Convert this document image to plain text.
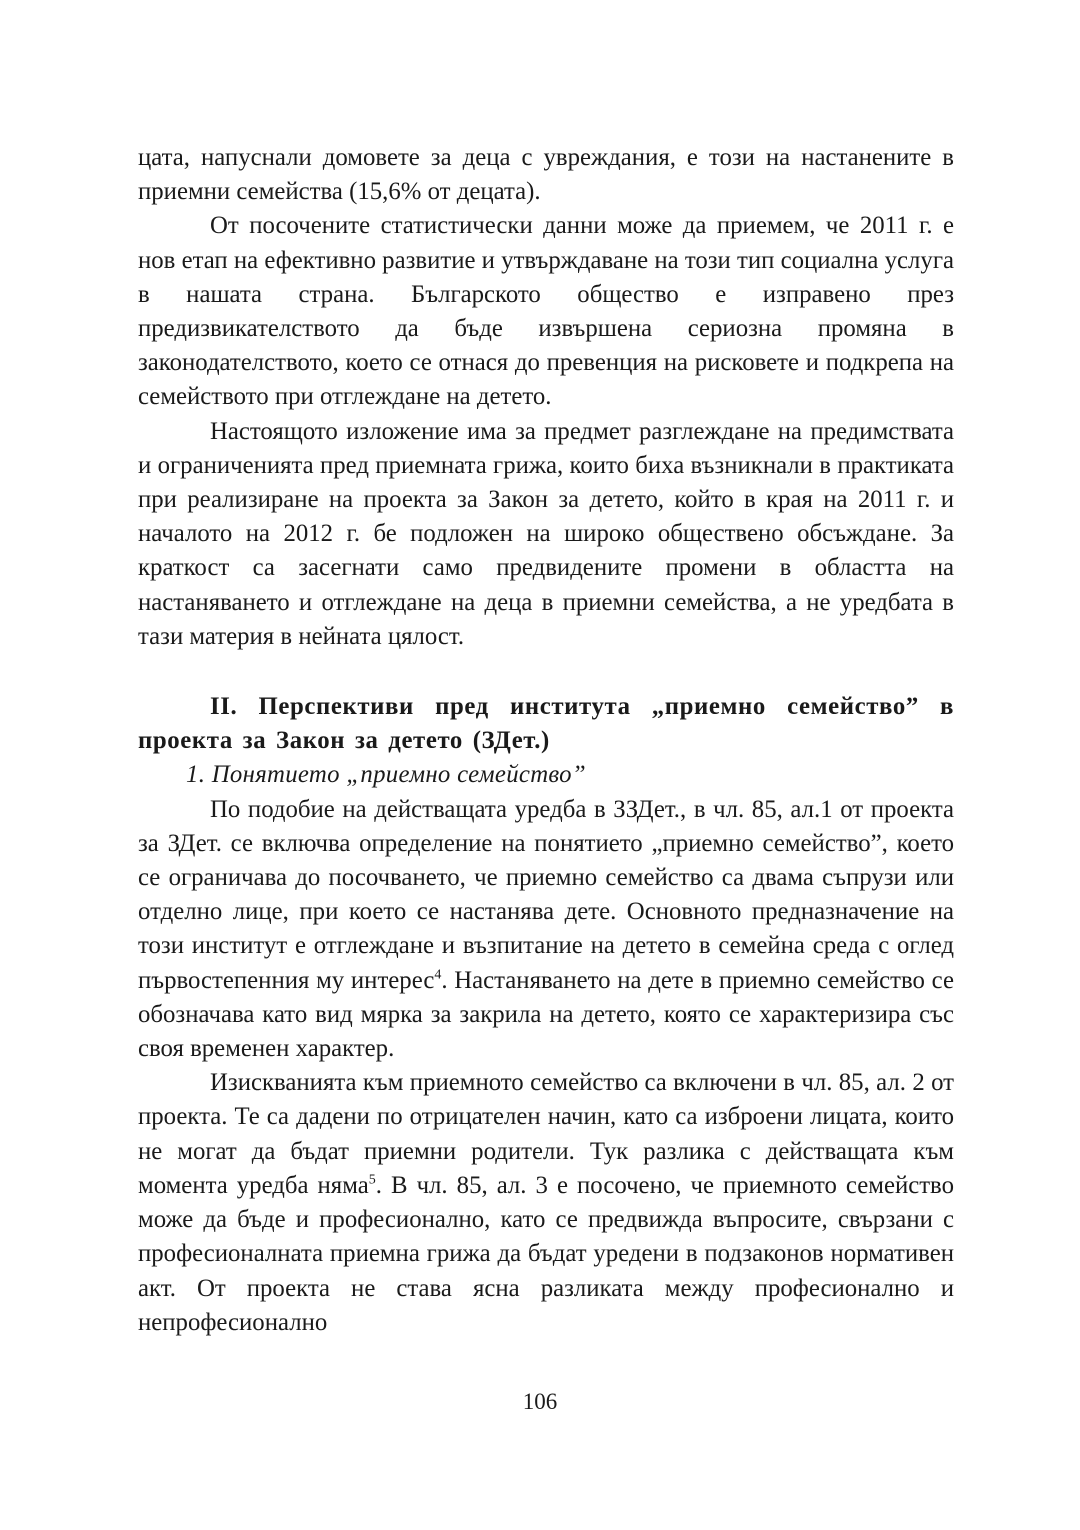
цата, напуснали домовете за деца с увреждания, е този на настанените в приемни семейства (15,6% от децата).

От посочените статистически данни може да приемем, че 2011 г. е нов етап на ефективно развитие и утвърждаване на този тип социална услуга в нашата страна. Българското общество е изправено през предизвикателството да бъде извършена сериозна промяна в законодателството, което се отнася до превенция на рисковете и подкрепа на семейството при отглеждане на детето.

Настоящото изложение има за предмет разглеждане на предимствата и ограниченията пред приемната грижа, които биха възникнали в практиката при реализиране на проекта за Закон за детето, който в края на 2011 г. и началото на 2012 г. бе подложен на широко обществено обсъждане. За краткост са засегнати само предвидените промени в областта на настаняването и отглеждане на деца в приемни семейства, а не уредбата в тази материя в нейната цялост.

II. Перспективи пред института „приемно семейство” в проекта за Закон за детето (ЗДет.)

1. Понятието „приемно семейство”

По подобие на действащата уредба в ЗЗДет., в чл. 85, ал.1 от проекта за ЗДет. се включва определение на понятието „приемно семейство”, което се ограничава до посочването, че приемно семейство са двама съпрузи или отделно лице, при което се настанява дете. Основното предназначение на този институт е отглеждане и възпитание на детето в семейна среда с оглед първостепенния му интерес$^4$. Настаняването на дете в приемно семейство се обозначава като вид мярка за закрила на детето, която се характеризира със своя временен характер.

Изискванията към приемното семейство са включени в чл. 85, ал. 2 от проекта. Те са дадени по отрицателен начин, като са изброени лицата, които не могат да бъдат приемни родители. Тук разлика с действащата към момента уредба няма$^5$. В чл. 85, ал. 3 е посочено, че приемното семейство може да бъде и професионално, като се предвижда въпросите, свързани с професионалната приемна грижа да бъдат уредени в подзаконов нормативен акт. От проекта не става ясна разликата между професионално и непрофесионално

106
